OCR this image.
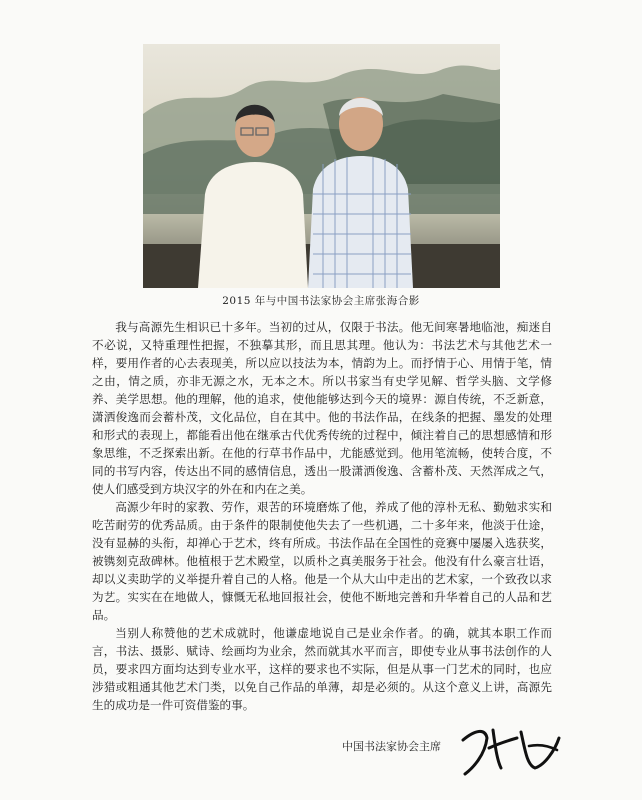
2015 年与中国书法家协会主席张海合影

我与高源先生相识已十多年。当初的过从，仅限于书法。他无间寒暑地临池，痴迷自不必说，又特重理性把握，不独摹其形，而且思其理。他认为：书法艺术与其他艺术一样，要用作者的心去表现美，所以应以技法为本，情韵为上。而抒情于心、用情于笔，情之由，情之质，亦非无源之水，无本之木。所以书家当有史学见解、哲学头脑、文学修养、美学思想。他的理解，他的追求，使他能够达到今天的境界：源自传统，不乏新意，潇洒俊逸而会蓄朴茂，文化品位，自在其中。他的书法作品，在线条的把握、墨发的处理和形式的表现上，都能看出他在继承古代优秀传统的过程中，倾注着自己的思想感情和形象思维，不乏探索出新。在他的行草书作品中，尤能感觉到。他用笔流畅，使转合度，不同的书写内容，传达出不同的感情信息，透出一股潇洒俊逸、含蓄朴茂、天然浑成之气，使人们感受到方块汉字的外在和内在之美。

高源少年时的家教、劳作，艰苦的环境磨炼了他，养成了他的淳朴无私、勤勉求实和吃苦耐劳的优秀品质。由于条件的限制使他失去了一些机遇，二十多年来，他淡于仕途，没有显赫的头衔，却禅心于艺术，终有所成。书法作品在全国性的竞赛中屡屡入选获奖，被镌刻克敌碑林。他植根于艺术殿堂，以质朴之真美服务于社会。他没有什么豪言壮语，却以义卖助学的义举提升着自己的人格。他是一个从大山中走出的艺术家，一个致孜以求为艺。实实在在地做人，慷慨无私地回报社会，使他不断地完善和升华着自己的人品和艺品。

当别人称赞他的艺术成就时，他谦虚地说自己是业余作者。的确，就其本职工作而言，书法、摄影、赋诗、绘画均为业余，然而就其水平而言，即使专业从事书法创作的人员，要求四方面均达到专业水平，这样的要求也不实际，但是从事一门艺术的同时，也应涉猎或粗通其他艺术门类，以免自己作品的单薄，却是必须的。从这个意义上讲，高源先生的成功是一件可资借鉴的事。

中国书法家协会主席
